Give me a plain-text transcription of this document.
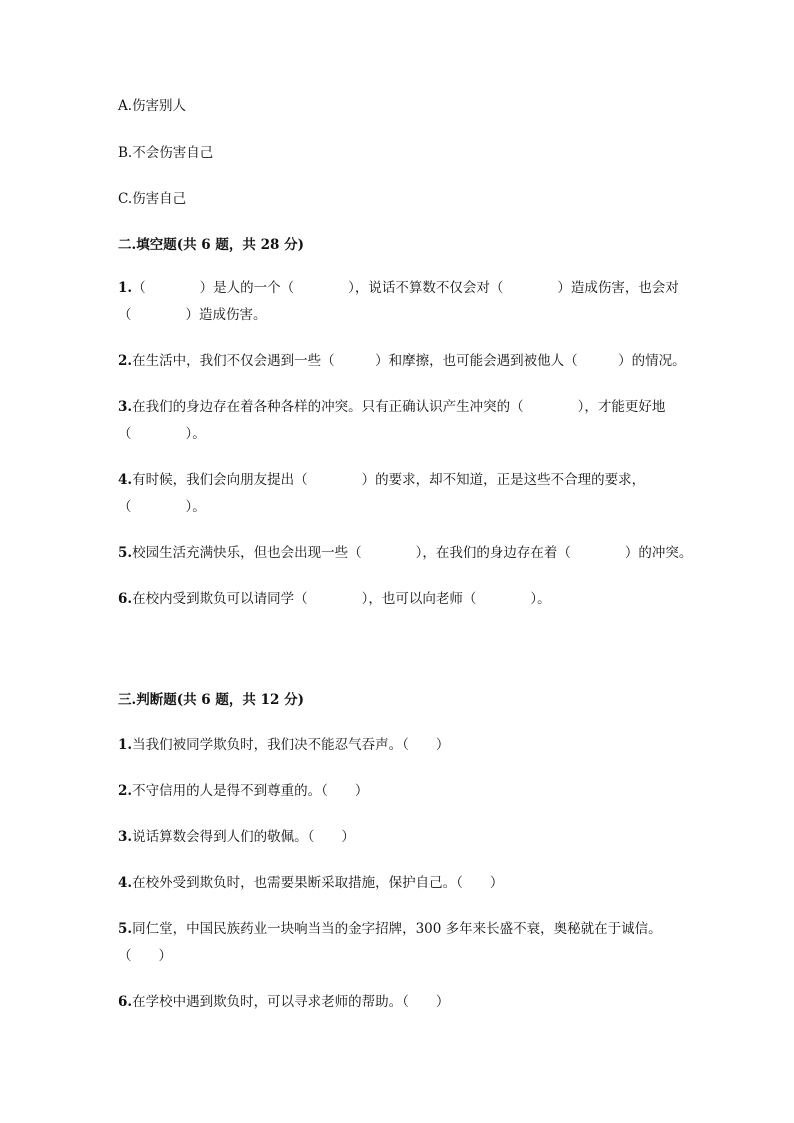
A.伤害别人
B.不会伤害自己
C.伤害自己
二.填空题(共 6 题，共 28 分)
1.（　　　　）是人的一个（　　　　），说话不算数不仅会对（　　　　）造成伤害，也会对（　　　　）造成伤害。
2.在生活中，我们不仅会遇到一些（　　　）和摩擦，也可能会遇到被他人（　　　）的情况。
3.在我们的身边存在着各种各样的冲突。只有正确认识产生冲突的（　　　　），才能更好地（　　　　）。
4.有时候，我们会向朋友提出（　　　　）的要求，却不知道，正是这些不合理的要求，（　　　　）。
5.校园生活充满快乐，但也会出现一些（　　　　），在我们的身边存在着（　　　　）的冲突。
6.在校内受到欺负可以请同学（　　　　），也可以向老师（　　　　）。
三.判断题(共 6 题，共 12 分)
1.当我们被同学欺负时，我们决不能忍气吞声。（　　）
2.不守信用的人是得不到尊重的。（　　）
3.说话算数会得到人们的敬佩。（　　）
4.在校外受到欺负时，也需要果断采取措施，保护自己。（　　）
5.同仁堂，中国民族药业一块响当当的金字招牌，300 多年来长盛不衰，奥秘就在于诚信。（　　）
6.在学校中遇到欺负时，可以寻求老师的帮助。（　　）
